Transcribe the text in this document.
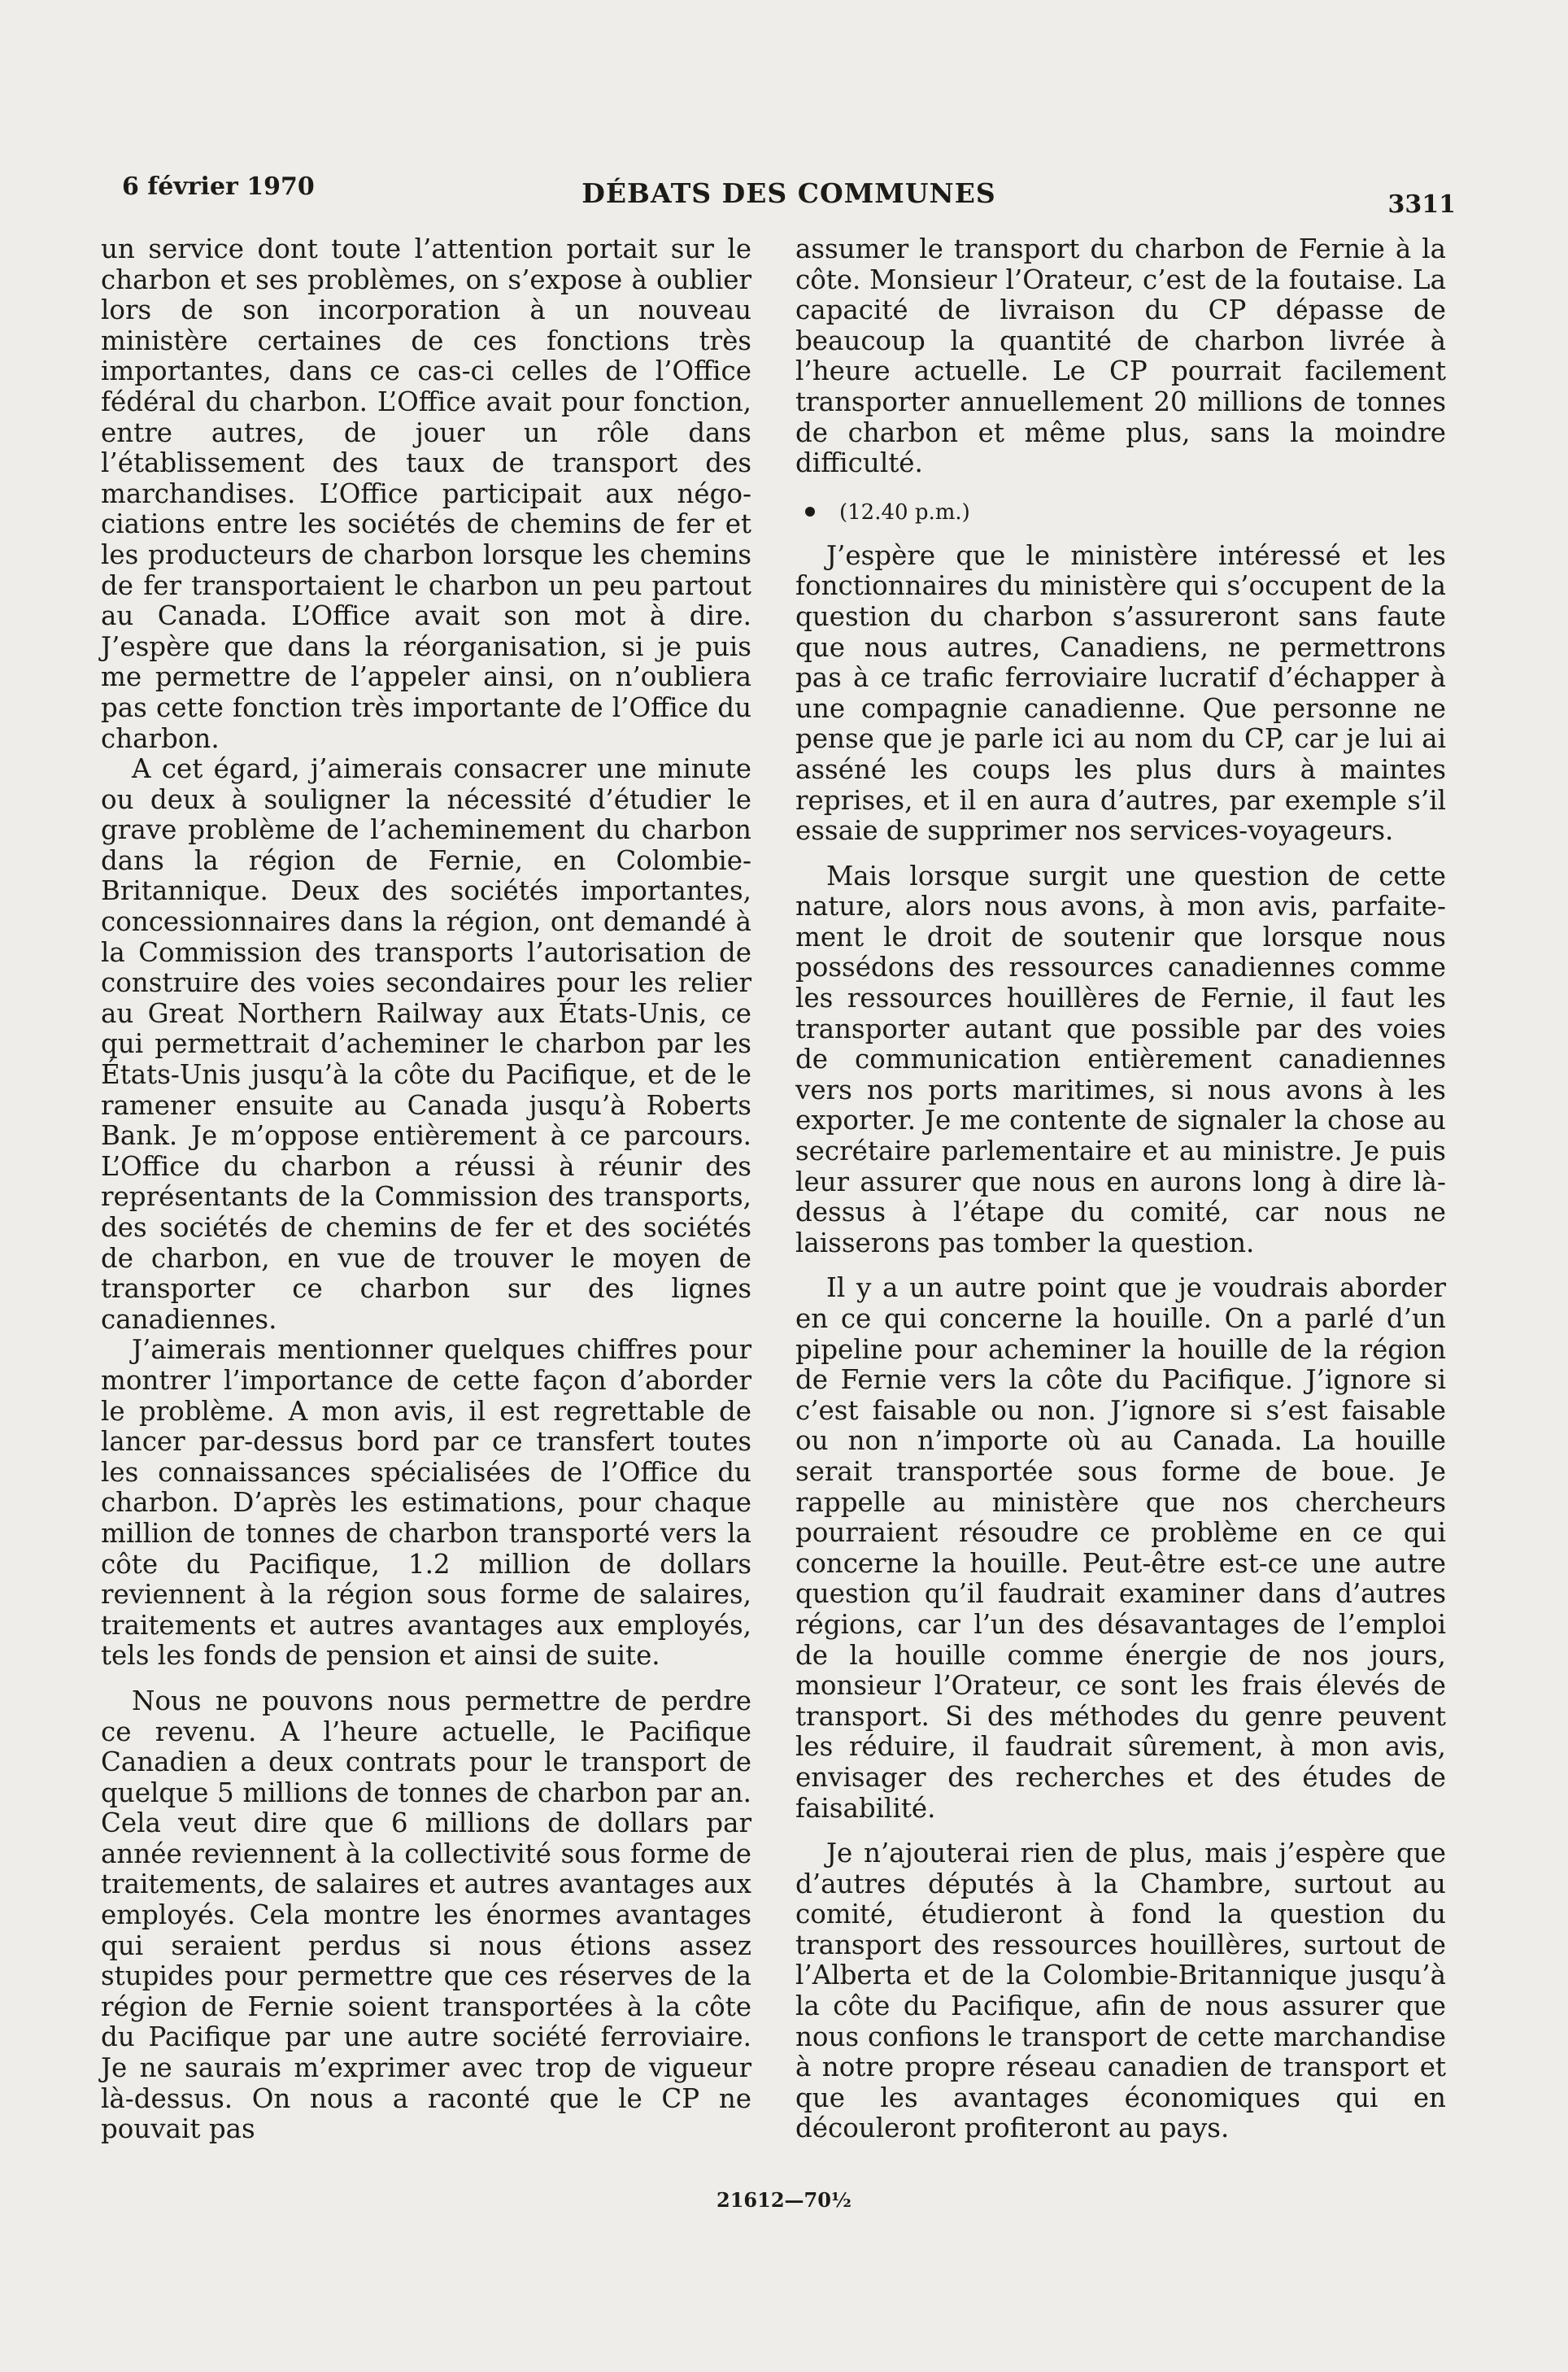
6 février 1970	DÉBATS DES COMMUNES	3311

un service dont toute l’attention portait sur le charbon et ses problèmes, on s’expose à oublier lors de son incorporation à un nouveau ministère certaines de ces fonctions très importantes, dans ce cas-ci celles de l’Office fédéral du charbon. L’Office avait pour fonction, entre autres, de jouer un rôle dans l’établissement des taux de transport des marchandises. L’Office participait aux négociations entre les sociétés de chemins de fer et les producteurs de charbon lorsque les chemins de fer transportaient le charbon un peu partout au Canada. L’Office avait son mot à dire. J’espère que dans la réorganisation, si je puis me permettre de l’appeler ainsi, on n’oubliera pas cette fonction très importante de l’Office du charbon.

A cet égard, j’aimerais consacrer une minute ou deux à souligner la nécessité d’étudier le grave problème de l’acheminement du charbon dans la région de Fernie, en Colombie-Britannique. Deux des sociétés importantes, concessionnaires dans la région, ont demandé à la Commission des transports l’autorisation de construire des voies secondaires pour les relier au Great Northern Railway aux États-Unis, ce qui permettrait d’acheminer le charbon par les États-Unis jusqu’à la côte du Pacifique, et de le ramener ensuite au Canada jusqu’à Roberts Bank. Je m’oppose entièrement à ce parcours. L’Office du charbon a réussi à réunir des représentants de la Commission des transports, des sociétés de chemins de fer et des sociétés de charbon, en vue de trouver le moyen de transporter ce charbon sur des lignes canadiennes.

J’aimerais mentionner quelques chiffres pour montrer l’importance de cette façon d’aborder le problème. A mon avis, il est regrettable de lancer par-dessus bord par ce transfert toutes les connaissances spécialisées de l’Office du charbon. D’après les estimations, pour chaque million de tonnes de charbon transporté vers la côte du Pacifique, 1.2 million de dollars reviennent à la région sous forme de salaires, traitements et autres avantages aux employés, tels les fonds de pension et ainsi de suite.

Nous ne pouvons nous permettre de perdre ce revenu. A l’heure actuelle, le Pacifique Canadien a deux contrats pour le transport de quelque 5 millions de tonnes de charbon par an. Cela veut dire que 6 millions de dollars par année reviennent à la collectivité sous forme de traitements, de salaires et autres avantages aux employés. Cela montre les énormes avantages qui seraient perdus si nous étions assez stupides pour permettre que ces réserves de la région de Fernie soient transportées à la côte du Pacifique par une autre société ferroviaire. Je ne saurais m’exprimer avec trop de vigueur là-dessus. On nous a raconté que le CP ne pouvait pas

assumer le transport du charbon de Fernie à la côte. Monsieur l’Orateur, c’est de la foutaise. La capacité de livraison du CP dépasse de beaucoup la quantité de charbon livrée à l’heure actuelle. Le CP pourrait facilement transporter annuellement 20 millions de tonnes de charbon et même plus, sans la moindre difficulté.

(12.40 p.m.)

J’espère que le ministère intéressé et les fonctionnaires du ministère qui s’occupent de la question du charbon s’assureront sans faute que nous autres, Canadiens, ne permettrons pas à ce trafic ferroviaire lucratif d’échapper à une compagnie canadienne. Que personne ne pense que je parle ici au nom du CP, car je lui ai asséné les coups les plus durs à maintes reprises, et il en aura d’autres, par exemple s’il essaie de supprimer nos services-voyageurs.

Mais lorsque surgit une question de cette nature, alors nous avons, à mon avis, parfaitement le droit de soutenir que lorsque nous possédons des ressources canadiennes comme les ressources houillères de Fernie, il faut les transporter autant que possible par des voies de communication entièrement canadiennes vers nos ports maritimes, si nous avons à les exporter. Je me contente de signaler la chose au secrétaire parlementaire et au ministre. Je puis leur assurer que nous en aurons long à dire là-dessus à l’étape du comité, car nous ne laisserons pas tomber la question.

Il y a un autre point que je voudrais aborder en ce qui concerne la houille. On a parlé d’un pipeline pour acheminer la houille de la région de Fernie vers la côte du Pacifique. J’ignore si c’est faisable ou non. J’ignore si s’est faisable ou non n’importe où au Canada. La houille serait transportée sous forme de boue. Je rappelle au ministère que nos chercheurs pourraient résoudre ce problème en ce qui concerne la houille. Peut-être est-ce une autre question qu’il faudrait examiner dans d’autres régions, car l’un des désavantages de l’emploi de la houille comme énergie de nos jours, monsieur l’Orateur, ce sont les frais élevés de transport. Si des méthodes du genre peuvent les réduire, il faudrait sûrement, à mon avis, envisager des recherches et des études de faisabilité.

Je n’ajouterai rien de plus, mais j’espère que d’autres députés à la Chambre, surtout au comité, étudieront à fond la question du transport des ressources houillères, surtout de l’Alberta et de la Colombie-Britannique jusqu’à la côte du Pacifique, afin de nous assurer que nous confions le transport de cette marchandise à notre propre réseau canadien de transport et que les avantages économiques qui en découleront profiteront au pays.

21612—70½
